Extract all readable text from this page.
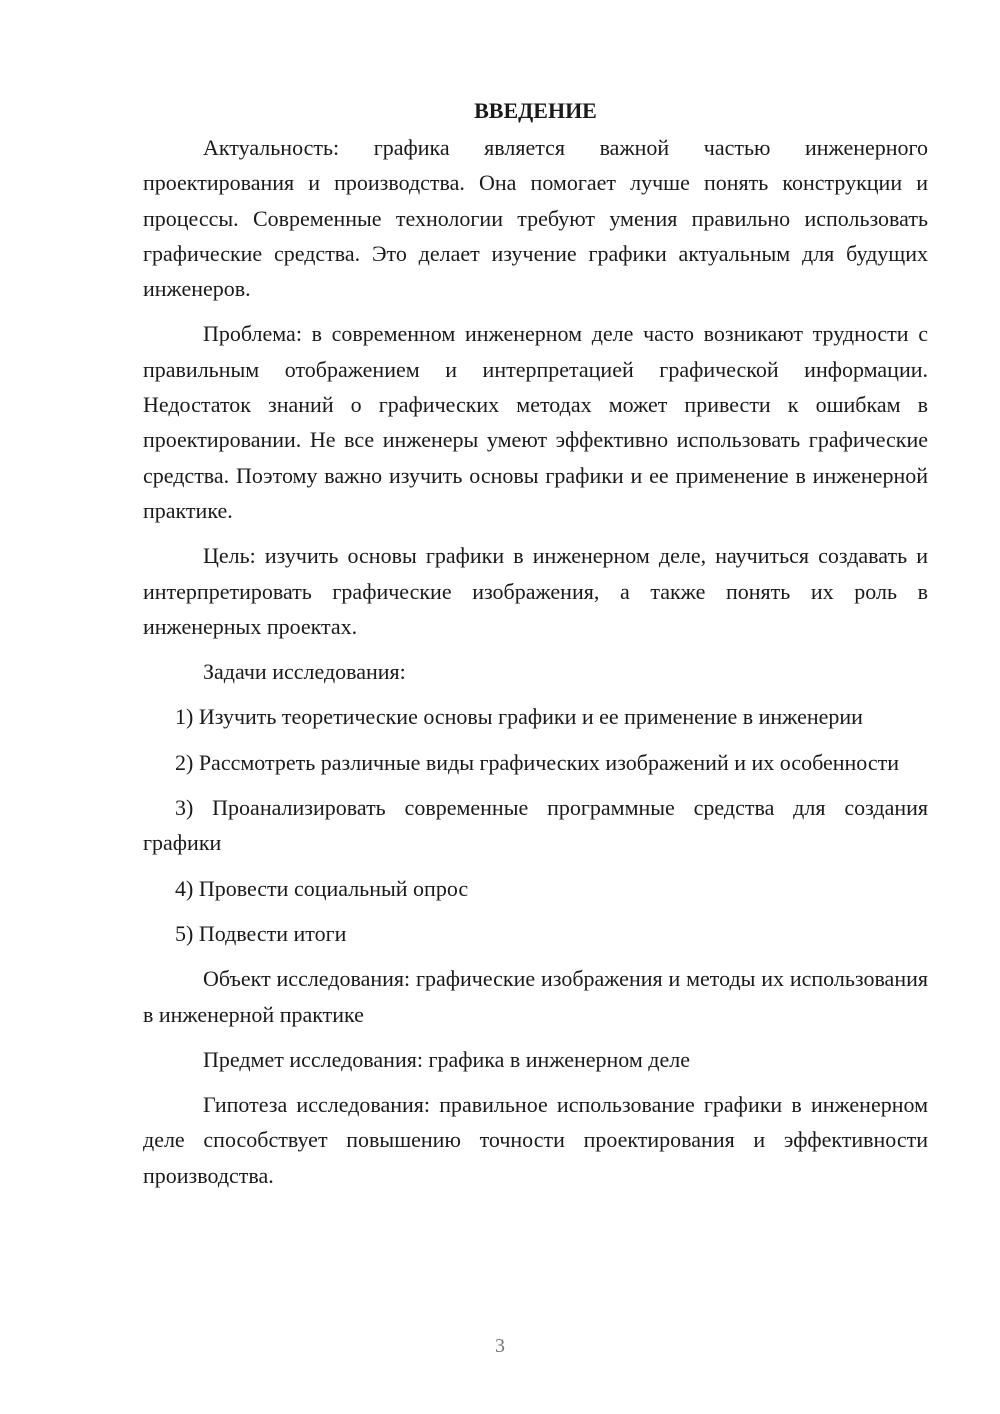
ВВЕДЕНИЕ

Актуальность: графика является важной частью инженерного проектирования и производства. Она помогает лучше понять конструкции и процессы. Современные технологии требуют умения правильно использовать графические средства. Это делает изучение графики актуальным для будущих инженеров.

Проблема: в современном инженерном деле часто возникают трудности с правильным отображением и интерпретацией графической информации. Недостаток знаний о графических методах может привести к ошибкам в проектировании. Не все инженеры умеют эффективно использовать графические средства. Поэтому важно изучить основы графики и ее применение в инженерной практике.

Цель: изучить основы графики в инженерном деле, научиться создавать и интерпретировать графические изображения, а также понять их роль в инженерных проектах.

Задачи исследования:

1) Изучить теоретические основы графики и ее применение в инженерии

2) Рассмотреть различные виды графических изображений и их особенности

3) Проанализировать современные программные средства для создания графики

4) Провести социальный опрос

5) Подвести итоги

Объект исследования: графические изображения и методы их использования в инженерной практике

Предмет исследования: графика в инженерном деле

Гипотеза исследования: правильное использование графики в инженерном деле способствует повышению точности проектирования и эффективности производства.

3
